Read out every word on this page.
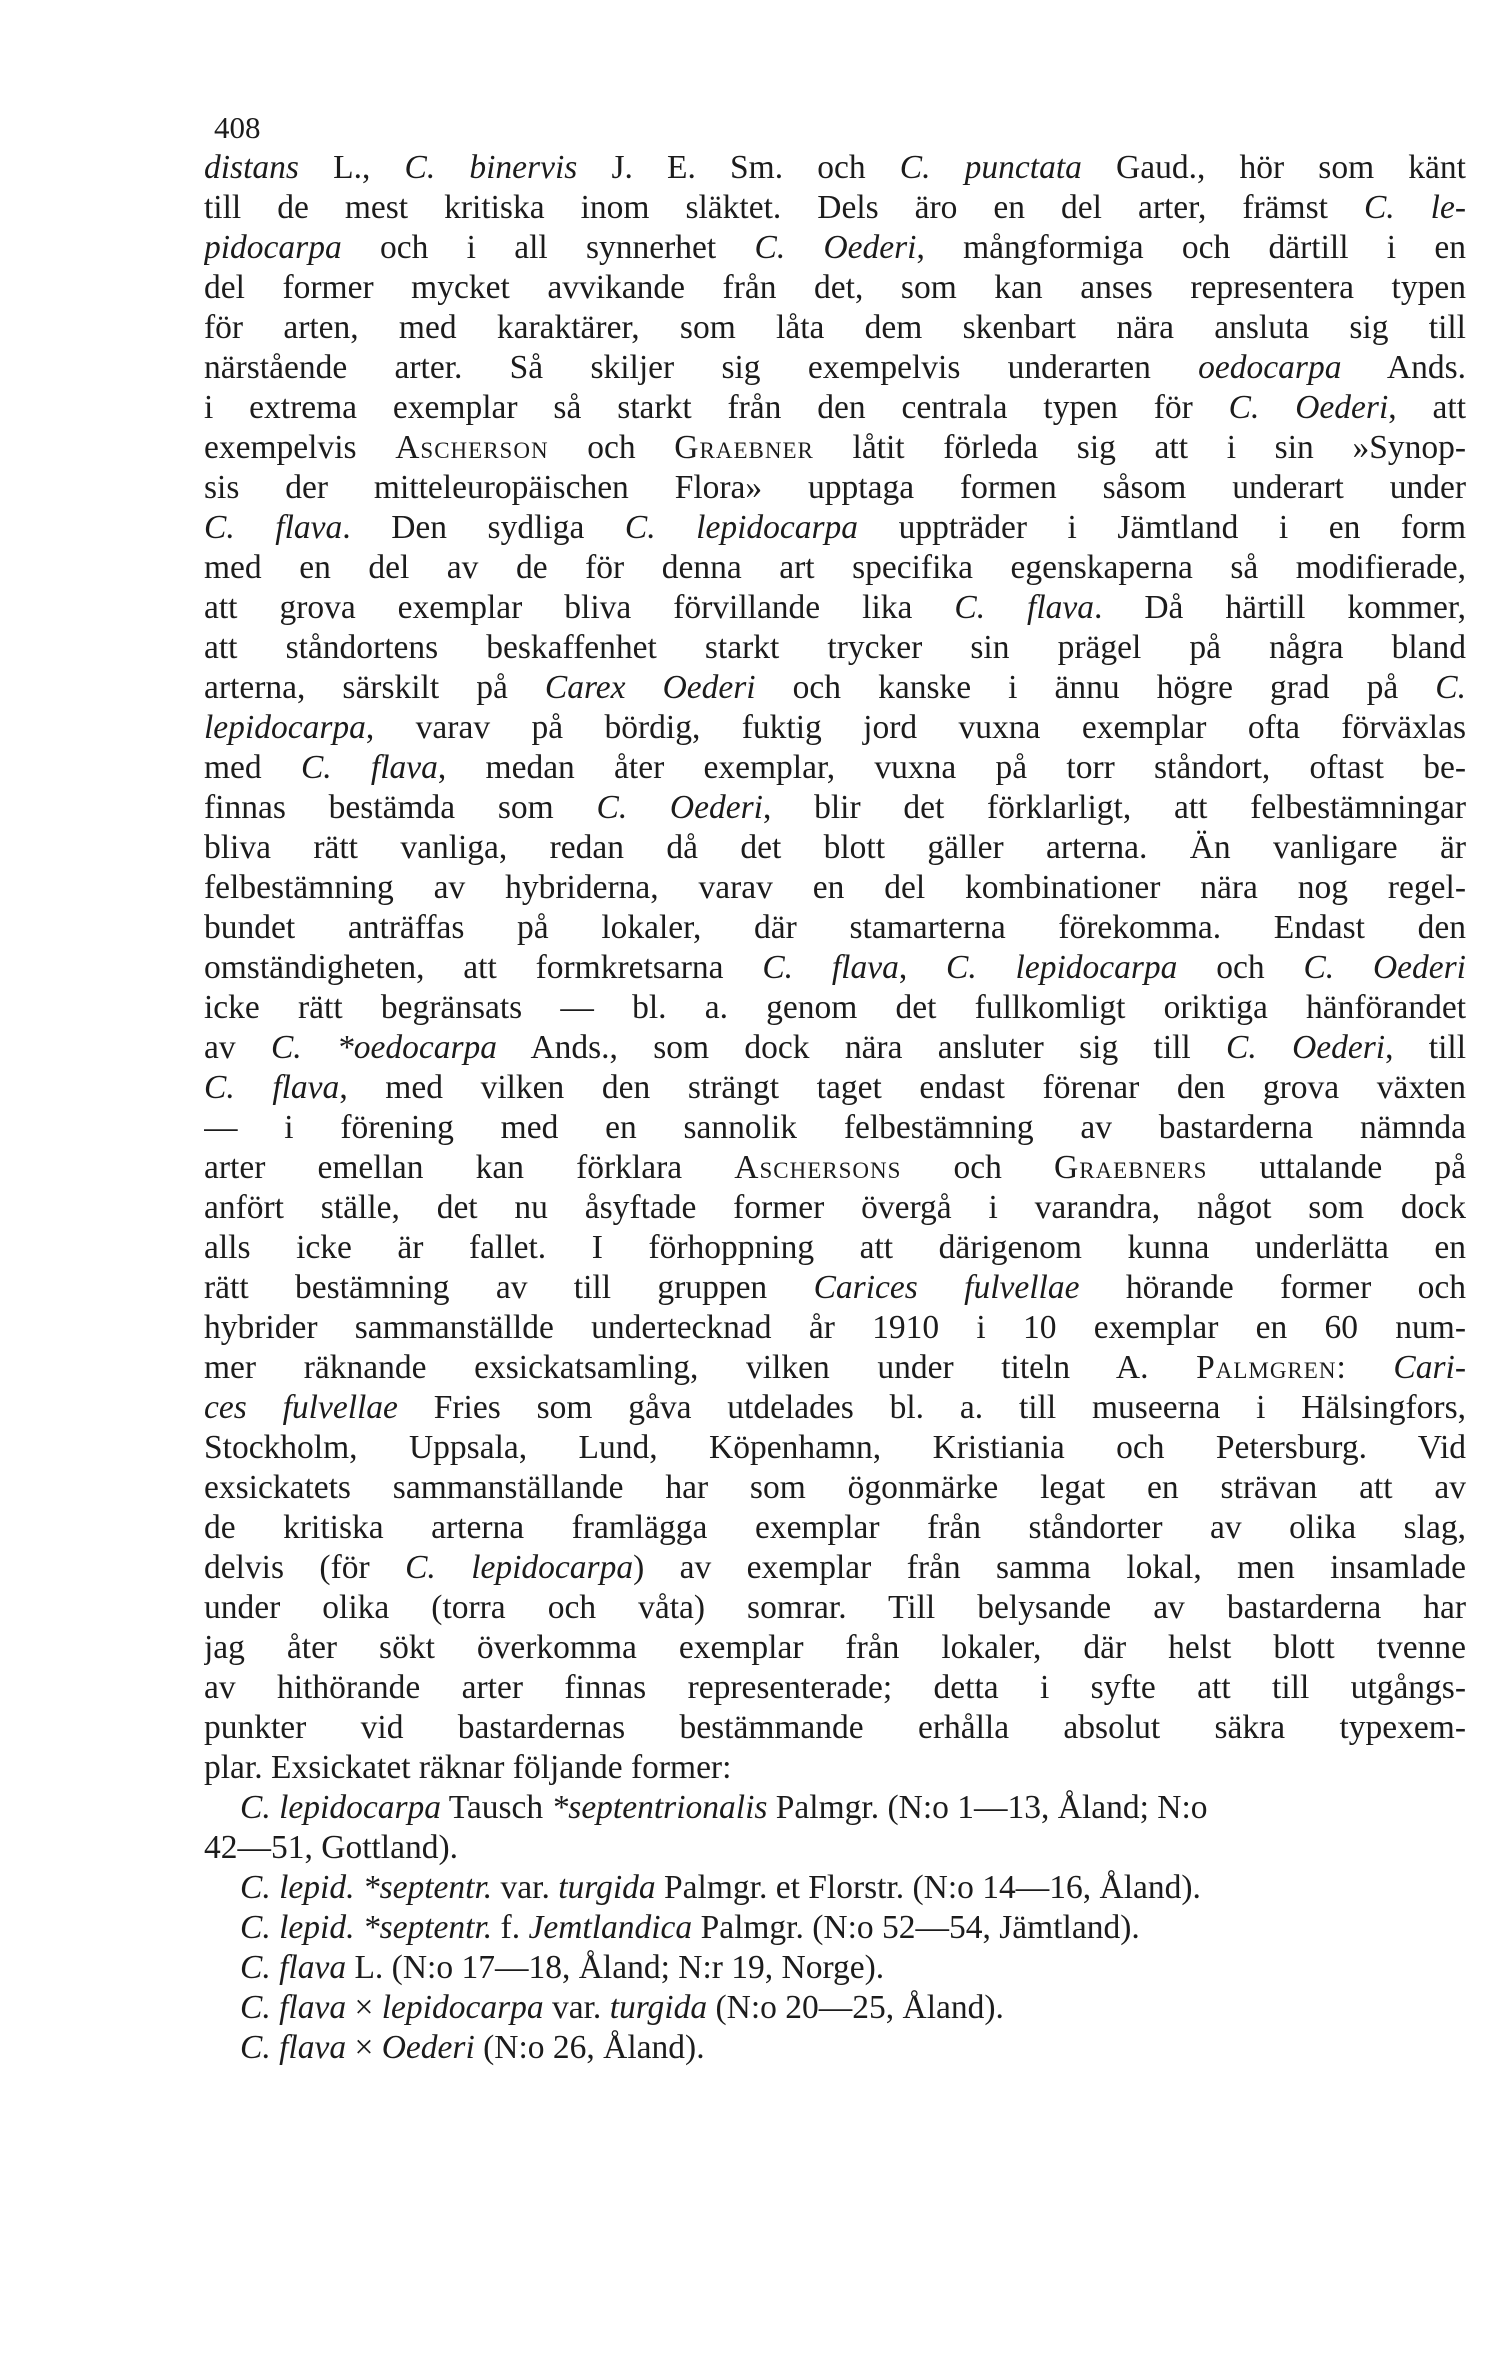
408
distans L., C. binervis J. E. Sm. och C. punctata Gaud., hör som känt
till de mest kritiska inom släktet. Dels äro en del arter, främst C. le-
pidocarpa och i all synnerhet C. Oederi, mångformiga och därtill i en
del former mycket avvikande från det, som kan anses representera typen
för arten, med karaktärer, som låta dem skenbart nära ansluta sig till
närstående arter. Så skiljer sig exempelvis underarten oedocarpa Ands.
i extrema exemplar så starkt från den centrala typen för C. Oederi, att
exempelvis Ascherson och Graebner låtit förleda sig att i sin »Synop-
sis der mitteleuropäischen Flora» upptaga formen såsom underart under
C. flava. Den sydliga C. lepidocarpa uppträder i Jämtland i en form
med en del av de för denna art specifika egenskaperna så modifierade,
att grova exemplar bliva förvillande lika C. flava. Då härtill kommer,
att ståndortens beskaffenhet starkt trycker sin prägel på några bland
arterna, särskilt på Carex Oederi och kanske i ännu högre grad på C.
lepidocarpa, varav på bördig, fuktig jord vuxna exemplar ofta förväxlas
med C. flava, medan åter exemplar, vuxna på torr ståndort, oftast be-
finnas bestämda som C. Oederi, blir det förklarligt, att felbestämningar
bliva rätt vanliga, redan då det blott gäller arterna. Än vanligare är
felbestämning av hybriderna, varav en del kombinationer nära nog regel-
bundet anträffas på lokaler, där stamarterna förekomma. Endast den
omständigheten, att formkretsarna C. flava, C. lepidocarpa och C. Oederi
icke rätt begränsats — bl. a. genom det fullkomligt oriktiga hänförandet
av C. *oedocarpa Ands., som dock nära ansluter sig till C. Oederi, till
C. flava, med vilken den strängt taget endast förenar den grova växten
— i förening med en sannolik felbestämning av bastarderna nämnda
arter emellan kan förklara Aschersons och Graebners uttalande på
anfört ställe, det nu åsyftade former övergå i varandra, något som dock
alls icke är fallet. I förhoppning att därigenom kunna underlätta en
rätt bestämning av till gruppen Carices fulvellae hörande former och
hybrider sammanställde undertecknad år 1910 i 10 exemplar en 60 num-
mer räknande exsickatsamling, vilken under titeln A. Palmgren: Cari-
ces fulvellae Fries som gåva utdelades bl. a. till museerna i Hälsingfors,
Stockholm, Uppsala, Lund, Köpenhamn, Kristiania och Petersburg. Vid
exsickatets sammanställande har som ögonmärke legat en strävan att av
de kritiska arterna framlägga exemplar från ståndorter av olika slag,
delvis (för C. lepidocarpa) av exemplar från samma lokal, men insamlade
under olika (torra och våta) somrar. Till belysande av bastarderna har
jag åter sökt överkomma exemplar från lokaler, där helst blott tvenne
av hithörande arter finnas representerade; detta i syfte att till utgångs-
punkter vid bastardernas bestämmande erhålla absolut säkra typexem-
plar. Exsickatet räknar följande former:
C. lepidocarpa Tausch *septentrionalis Palmgr. (N:o 1—13, Åland; N:o
42—51, Gottland).
C. lepid. *septentr. var. turgida Palmgr. et Florstr. (N:o 14—16, Åland).
C. lepid. *septentr. f. Jemtlandica Palmgr. (N:o 52—54, Jämtland).
C. flava L. (N:o 17—18, Åland; N:r 19, Norge).
C. flava × lepidocarpa var. turgida (N:o 20—25, Åland).
C. flava × Oederi (N:o 26, Åland).
